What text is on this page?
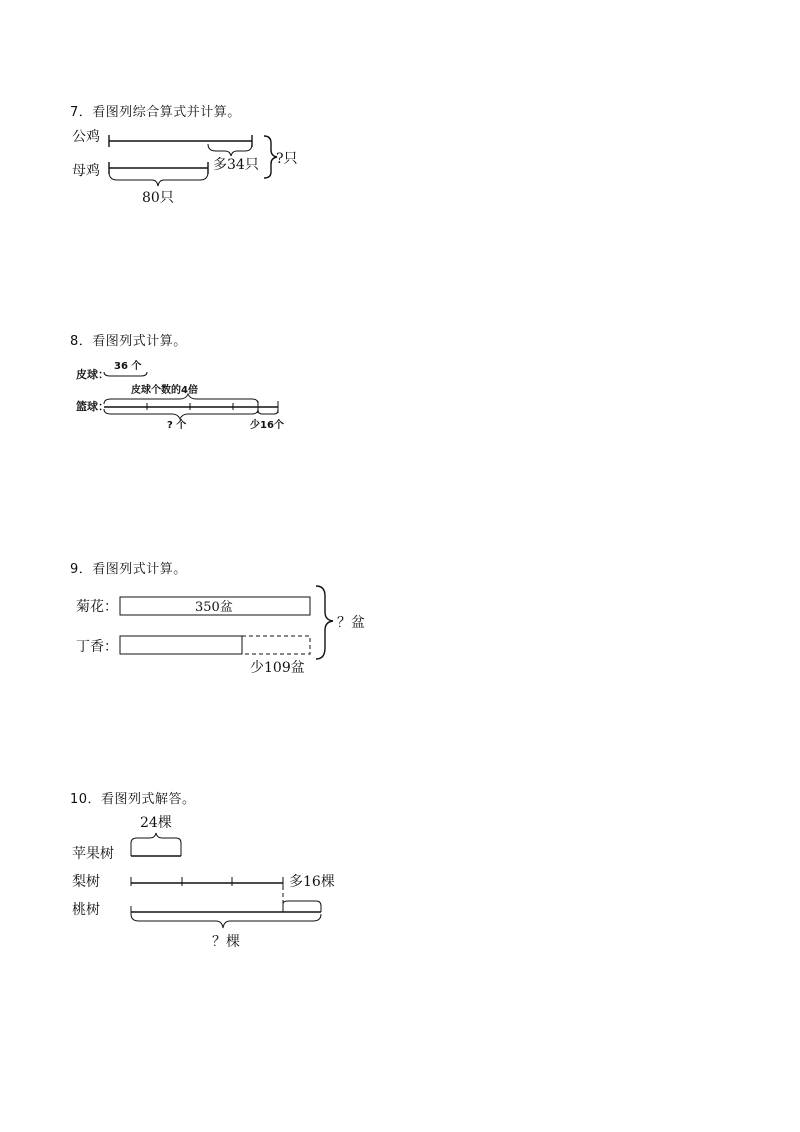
7．看图列综合算式并计算。
公鸡
母鸡	多34只
80只
?只
8．看图列式计算。
皮球：
篮球：
36 个
皮球个数的4倍
? 个	少16个
9．看图列式计算。
菊花：
丁香：
350盆
少109盆
？盆
10．看图列式解答。
24棵
苹果树
梨树	多16棵
桃树
？棵
